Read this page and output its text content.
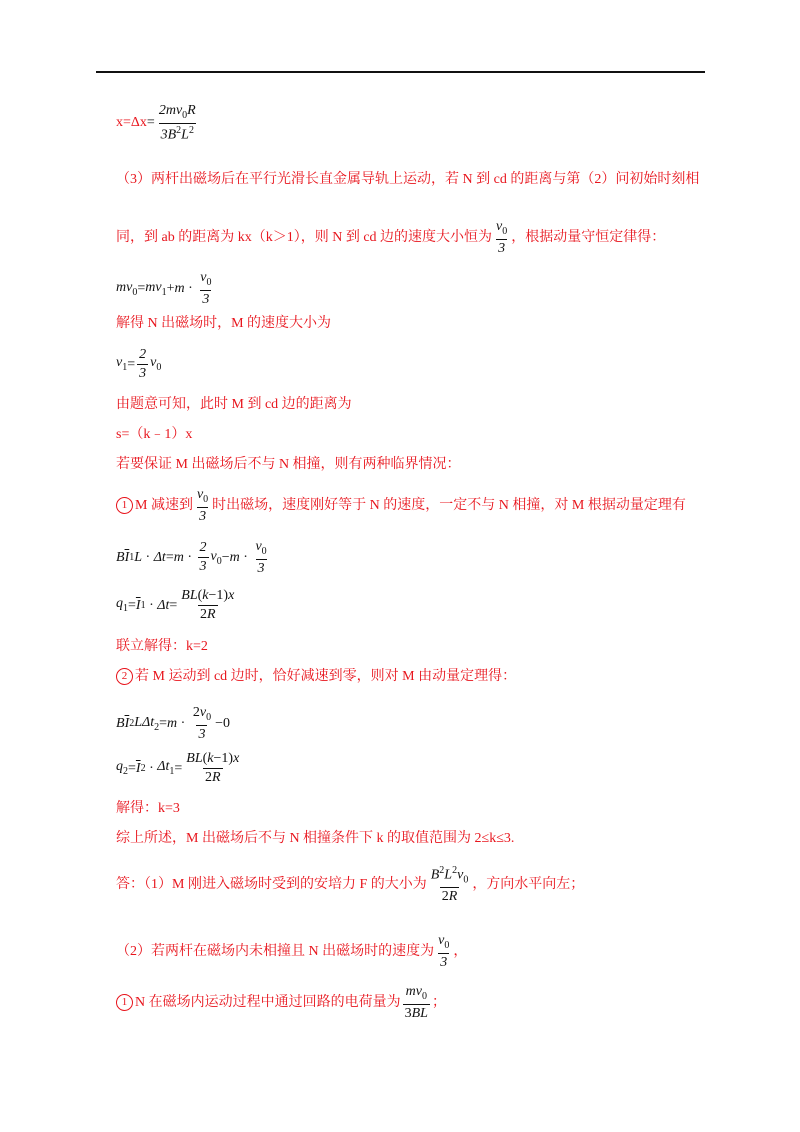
$x=\Delta x = \frac{2mv_0R}{3B^2L^2}$
（3）两杆出磁场后在平行光滑长直金属导轨上运动，若 N 到 cd 的距离与第（2）问初始时刻相
同，到 ab 的距离为 kx（k＞1），则 N 到 cd 边的速度大小恒为 $\frac{v_0}{3}$ ，根据动量守恒定律得：
$mv_0 = mv_1 + m \cdot \frac{v_0}{3}$
解得 N 出磁场时，M 的速度大小为
$v_1 = \frac{2}{3} v_0$
由题意可知，此时 M 到 cd 边的距离为
s=（k﹣1）x
若要保证 M 出磁场后不与 N 相撞，则有两种临界情况：
1 M 减速到 $\frac{v_0}{3}$ 时出磁场，速度刚好等于 N 的速度，一定不与 N 相撞，对 M 根据动量定理有
B $\overline{I}$ 1 $L \cdot \Delta t = m \cdot \frac{2}{3} v_0 - m \cdot \frac{v_0}{3}$
$q_1 = \overline{I}$ $1 \cdot \Delta t = \frac{BL(k-1)x}{2R}$
联立解得：k=2
2 若 M 运动到 cd 边时，恰好减速到零，则对 M 由动量定理得：
B $\overline{I}$ 2 $L\Delta t_2 = m \cdot \frac{2v_0}{3} -0$
$q_2 = \overline{I}$ $2 \cdot \Delta t_1 = \frac{BL(k-1)x}{2R}$
解得：k=3
综上所述，M 出磁场后不与 N 相撞条件下 k 的取值范围为 2≤k≤3.
答：（1）M 刚进入磁场时受到的安培力 F 的大小为 $\frac{B^2L^2v_0}{2R}$ ，方向水平向左；
（2）若两杆在磁场内未相撞且 N 出磁场时的速度为 $\frac{v_0}{3}$ ，
1 N 在磁场内运动过程中通过回路的电荷量为 $\frac{mv_0}{3BL}$ ；
